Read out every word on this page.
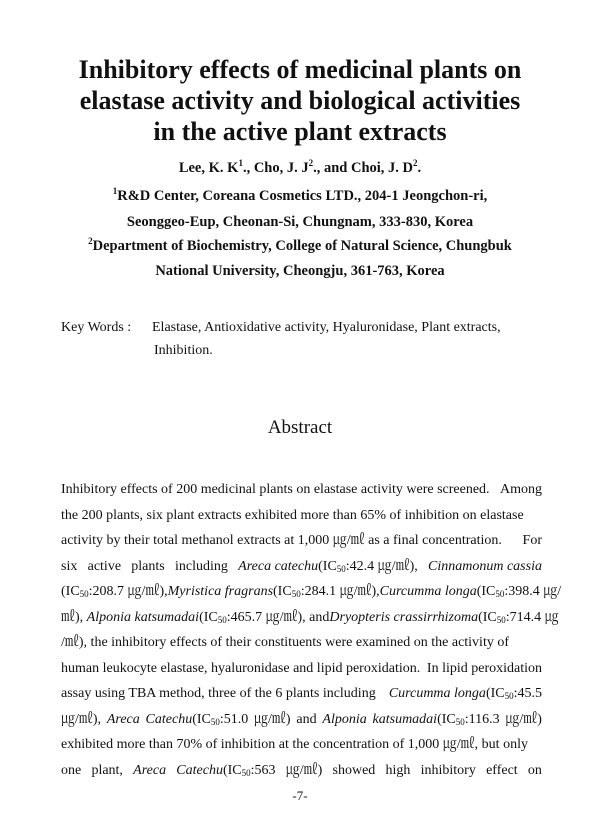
Inhibitory effects of medicinal plants on
elastase activity and biological activities
in the active plant extracts
Lee, K. $K^1$., Cho, J. $J^2$., and Choi, J. $D^2$.
$^1$R&D Center, Coreana Cosmetics LTD., 204-1 Jeongchon-ri,
Seonggeo-Eup, Cheonan-Si, Chungnam, 333-830, Korea
$^2$Department of Biochemistry, College of Natural Science, Chungbuk
National University, Cheongju, 361-763, Korea
Key Words : Elastase, Antioxidative activity, Hyaluronidase, Plant extracts,
Inhibition.
Abstract
Inhibitory effects of 200 medicinal plants on elastase activity were screened. Among
the 200 plants, six plant extracts exhibited more than 65% of inhibition on elastase
activity by their total methanol extracts at 1,000 ㎍/㎖ as a final concentration. For
six active plants including Areca $catechu(IC_{50}:42.4$ ㎍/㎖), Cinnamonum cassia
($IC_{50}:208.7$ ㎍/㎖), Myristica $fragrans(IC_{50}:284.1$ ㎍/㎖), Curcumma $longa(IC_{50}:398.4$ ㎍/
㎖), Alponia $katsumadai(IC_{50}:465.7$ ㎍/㎖), and Dryopteris $crassirrhizoma(IC_{50}:714.4$ ㎍
/㎖), the inhibitory effects of their constituents were examined on the activity of
human leukocyte elastase, hyaluronidase and lipid peroxidation. In lipid peroxidation
assay using TBA method, three of the 6 plants including Curcumma $longa(IC_{50}:45.5$
㎍/㎖), Areca $Catechu(IC_{50}:51.0$ ㎍/㎖) and Alponia $katsumadai(IC_{50}:116.3$ ㎍/㎖)
exhibited more than 70% of inhibition at the concentration of 1,000 ㎍/㎖, but only
one plant, Areca $Catechu(IC_{50}:563$ ㎍/㎖) showed high inhibitory effect on
-7-
